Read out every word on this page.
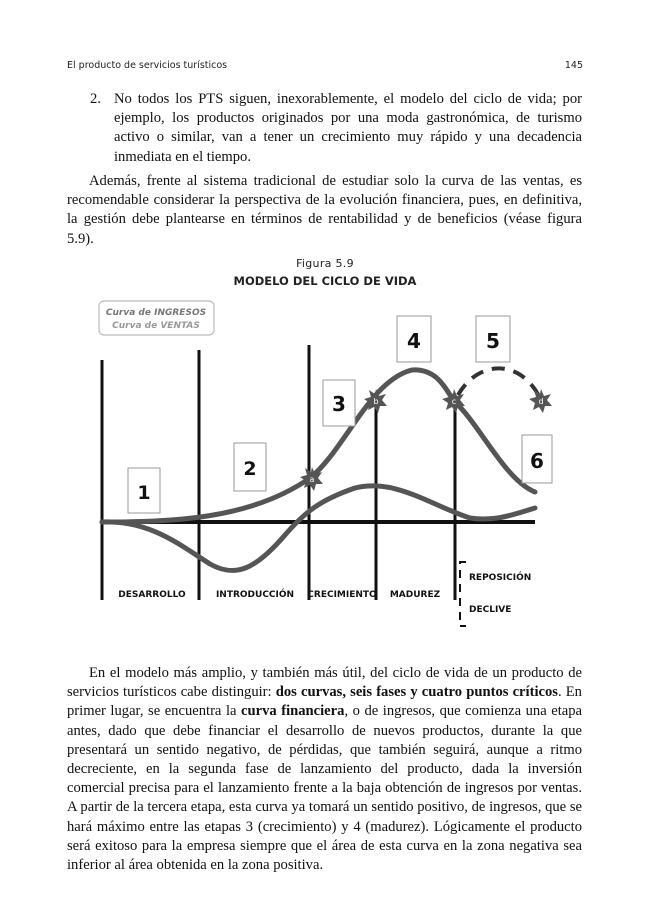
El producto de servicios turísticos	145
2. No todos los PTS siguen, inexorablemente, el modelo del ciclo de vida; por ejemplo, los productos originados por una moda gastronómica, de turismo activo o similar, van a tener un crecimiento muy rápido y una decadencia inmediata en el tiempo.
Además, frente al sistema tradicional de estudiar solo la curva de las ventas, es recomendable considerar la perspectiva de la evolución financiera, pues, en definitiva, la gestión debe plantearse en términos de rentabilidad y de beneficios (véase figura 5.9).
Figura 5.9
MODELO DEL CICLO DE VIDA
Curva de INGRESOS
Curva de VENTAS
a
b	c	d
1
2
3
4	5
6
DESARROLLO	INTRODUCCIÓN CRECIMIENTO MADUREZ
REPOSICIÓN
DECLIVE
En el modelo más amplio, y también más útil, del ciclo de vida de un producto de servicios turísticos cabe distinguir: dos curvas, seis fases y cuatro puntos críticos. En primer lugar, se encuentra la curva financiera, o de ingresos, que comienza una etapa antes, dado que debe financiar el desarrollo de nuevos productos, durante la que presentará un sentido negativo, de pérdidas, que también seguirá, aunque a ritmo decreciente, en la segunda fase de lanzamiento del producto, dada la inversión comercial precisa para el lanzamiento frente a la baja obtención de ingresos por ventas. A partir de la tercera etapa, esta curva ya tomará un sentido positivo, de ingresos, que se hará máximo entre las etapas 3 (crecimiento) y 4 (madurez). Lógicamente el producto será exitoso para la empresa siempre que el área de esta curva en la zona negativa sea inferior al área obtenida en la zona positiva.
